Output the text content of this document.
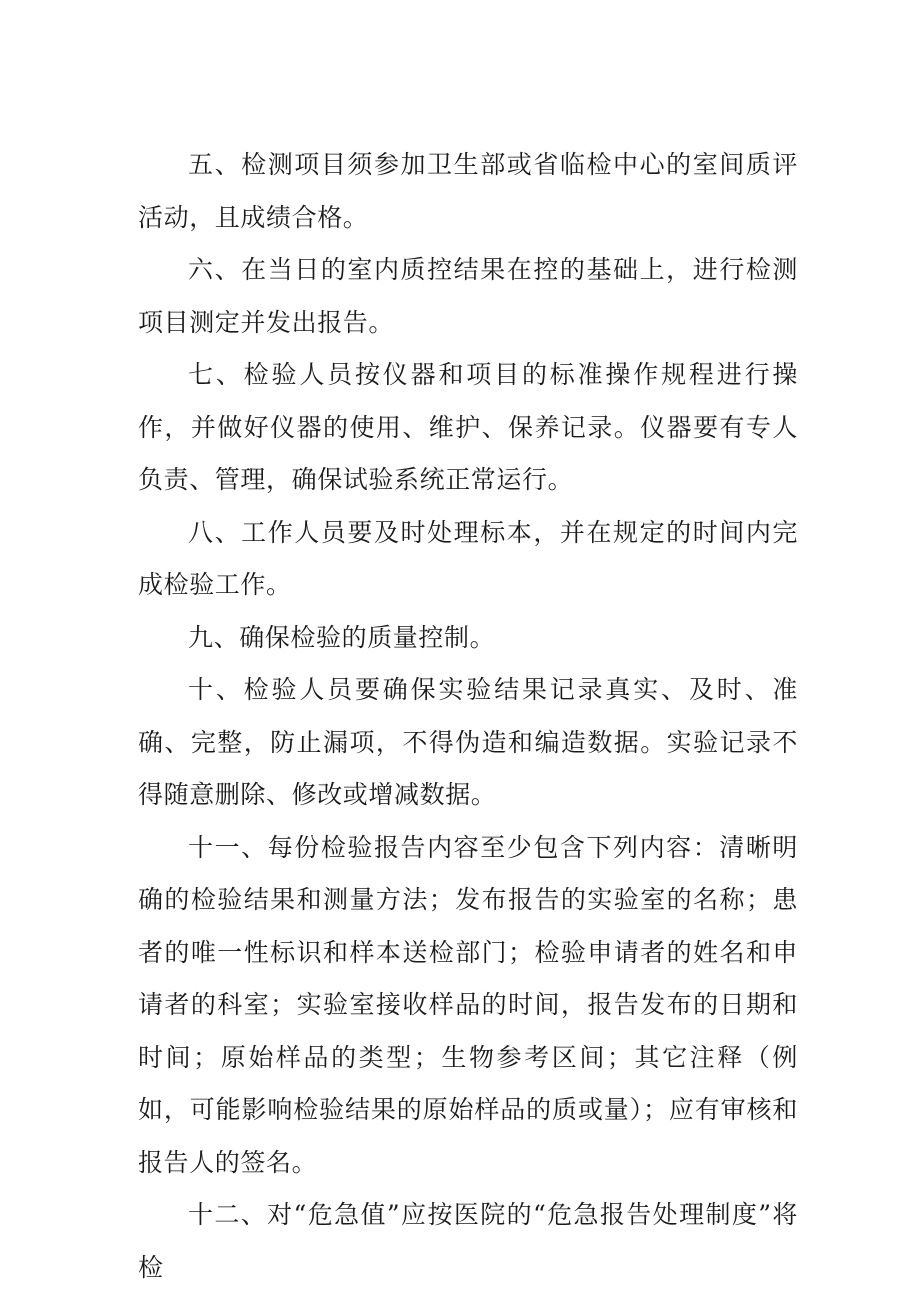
五、检测项目须参加卫生部或省临检中心的室间质评活动，且成绩合格。

六、在当日的室内质控结果在控的基础上，进行检测项目测定并发出报告。

七、检验人员按仪器和项目的标准操作规程进行操作，并做好仪器的使用、维护、保养记录。仪器要有专人负责、管理，确保试验系统正常运行。

八、工作人员要及时处理标本，并在规定的时间内完成检验工作。

九、确保检验的质量控制。

十、检验人员要确保实验结果记录真实、及时、准确、完整，防止漏项，不得伪造和编造数据。实验记录不得随意删除、修改或增减数据。

十一、每份检验报告内容至少包含下列内容：清晰明确的检验结果和测量方法；发布报告的实验室的名称；患者的唯一性标识和样本送检部门；检验申请者的姓名和申请者的科室；实验室接收样品的时间，报告发布的日期和时间；原始样品的类型；生物参考区间；其它注释（例如，可能影响检验结果的原始样品的质或量）；应有审核和报告人的签名。

十二、对“危急值”应按医院的“危急报告处理制度”将检
